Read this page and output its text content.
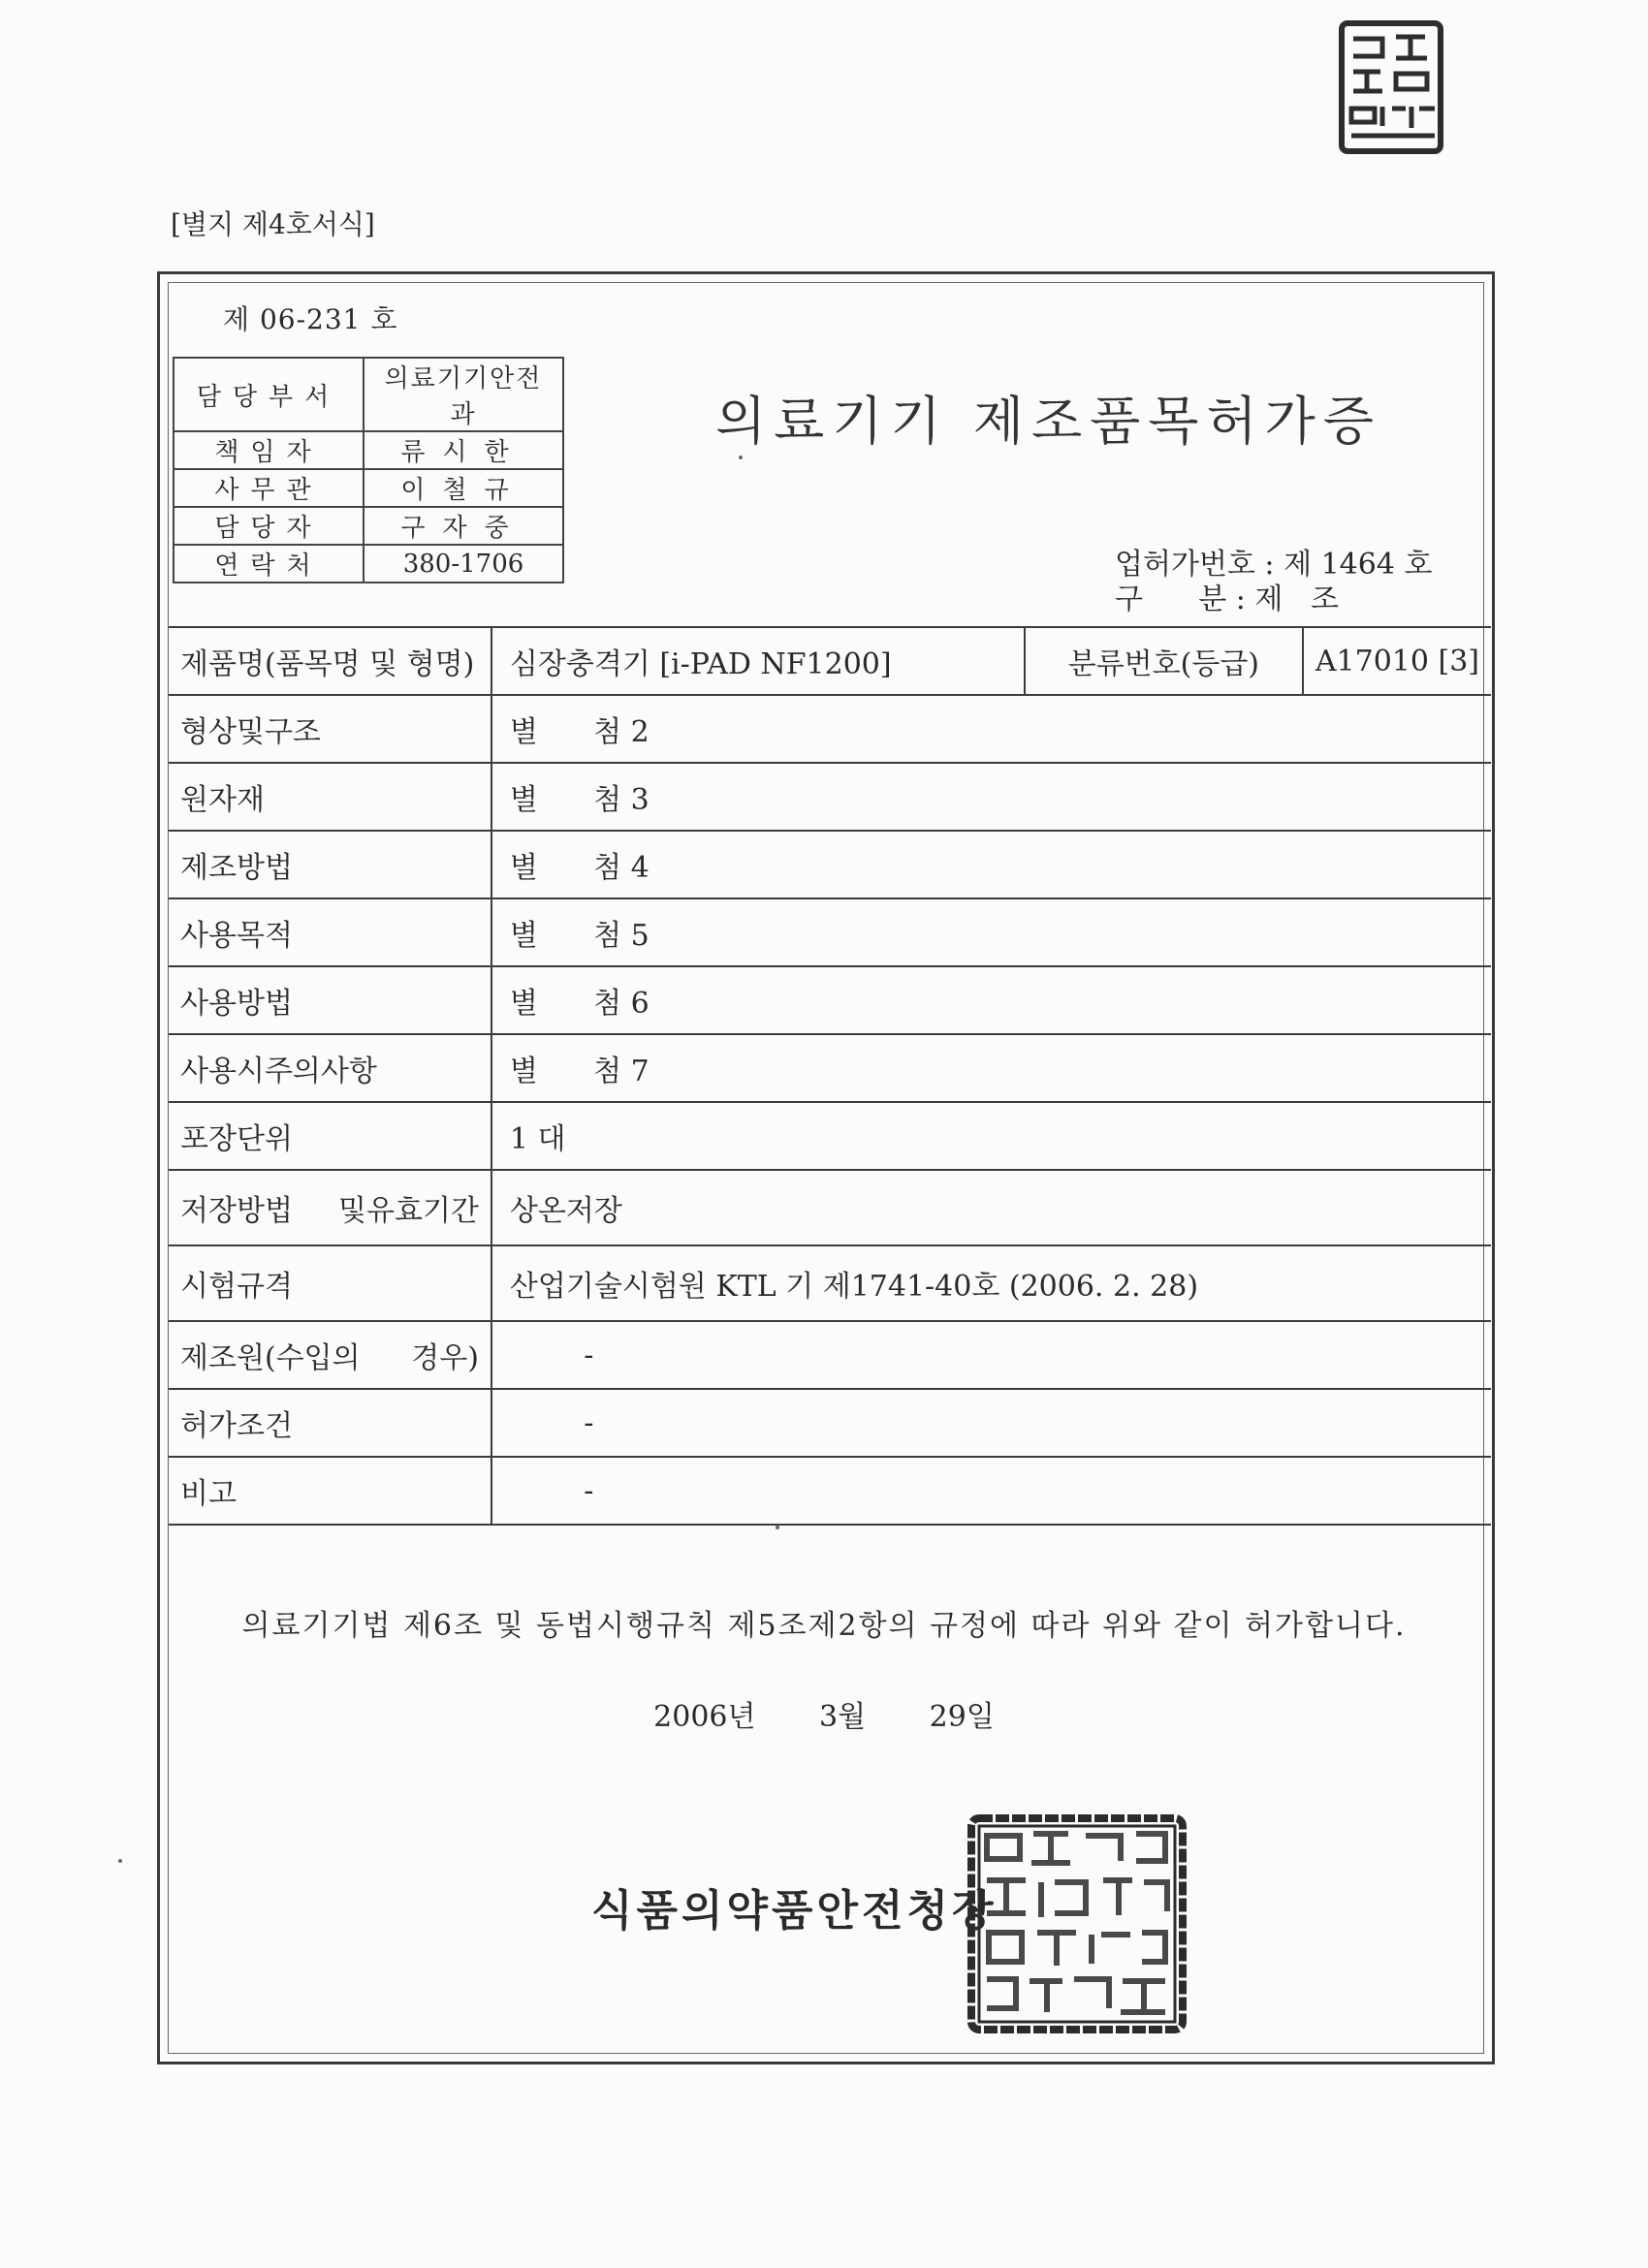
[별지 제4호서식]
제 06-231 호
담당부서	의료기기안전과
책임자	류시한
사무관	이철규
담당자	구자중
연락처	380-1706
의료기기 제조품목허가증
업허가번호 : 제 1464 호
구      분 : 제   조
제품명(품목명 및 형명)	심장충격기 [i-PAD NF1200]	분류번호(등급)	A17010 [3]
형상및구조	별      첨 2		
원자재	별      첨 3		
제조방법	별      첨 4		
사용목적	별      첨 5		
사용방법	별      첨 6		
사용시주의사항	별      첨 7		
포장단위	1 대		
저장방법 및유효기간	상온저장		
시험규격	산업기술시험원 KTL 기 제1741-40호 (2006. 2. 28)		
제조원(수입의 경우)	-		
허가조건	-		
비고	-		
의료기기법 제6조 및 동법시행규칙 제5조제2항의 규정에 따라 위와 같이 허가합니다.
2006년 3월 29일
식품의약품안전청장
